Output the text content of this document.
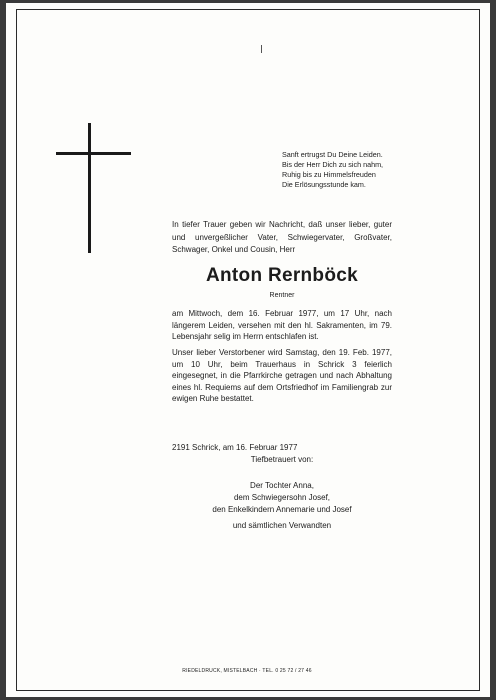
Sanft ertrugst Du Deine Leiden.
Bis der Herr Dich zu sich nahm,
Ruhig bis zu Himmelsfreuden
Die Erlösungsstunde kam.
In tiefer Trauer geben wir Nachricht, daß unser lieber, guter und unvergeßlicher Vater, Schwiegervater, Großvater, Schwager, Onkel und Cousin, Herr
Anton Rernböck
Rentner
am Mittwoch, dem 16. Februar 1977, um 17 Uhr, nach längerem Leiden, versehen mit den hl. Sakramenten, im 79. Lebensjahr selig im Herrn entschlafen ist.
Unser lieber Verstorbener wird Samstag, den 19. Feb. 1977, um 10 Uhr, beim Trauerhaus in Schrick 3 feierlich eingesegnet, in die Pfarrkirche getragen und nach Abhaltung eines hl. Requiems auf dem Ortsfriedhof im Familiengrab zur ewigen Ruhe bestattet.
2191 Schrick, am 16. Februar 1977
Tiefbetrauert von:
Der Tochter Anna,
dem Schwiegersohn Josef,
den Enkelkindern Annemarie und Josef
und sämtlichen Verwandten
RIEDELDRUCK, MISTELBACH · TEL. 0 25 72 / 27 46
